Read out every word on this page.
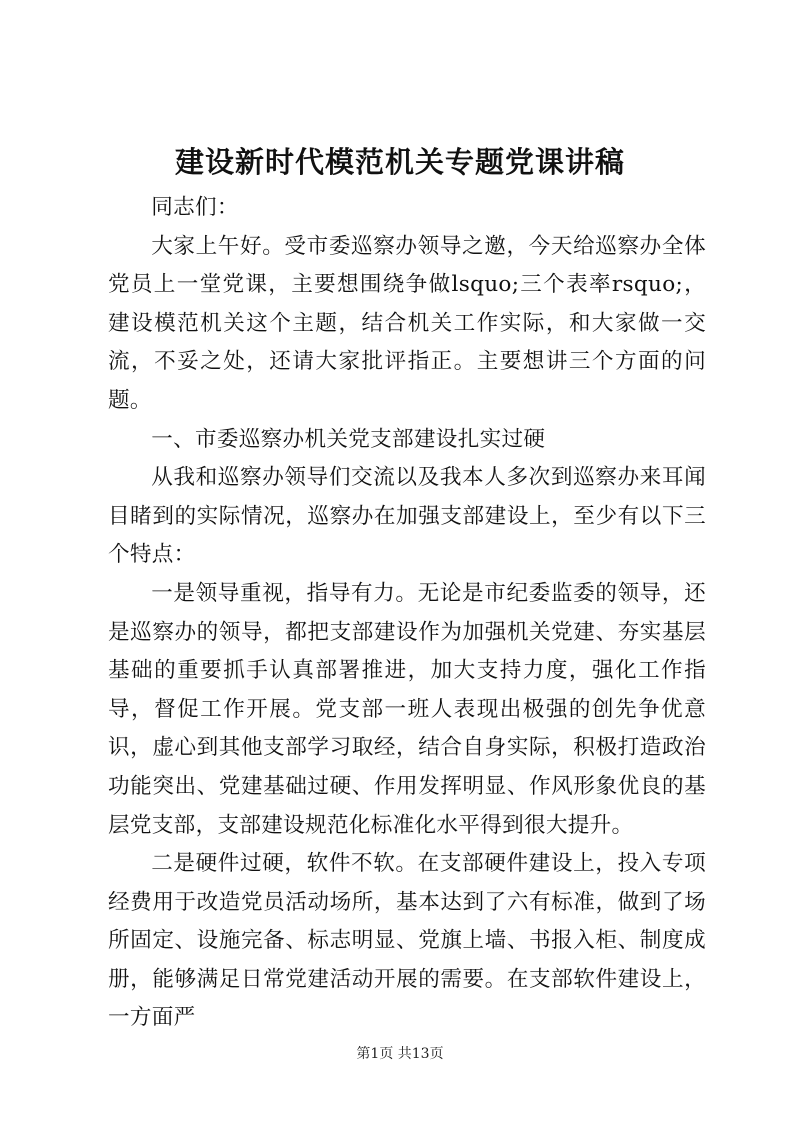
建设新时代模范机关专题党课讲稿

同志们：

大家上午好。受市委巡察办领导之邀，今天给巡察办全体党员上一堂党课，主要想围绕争做lsquo;三个表率rsquo;，建设模范机关这个主题，结合机关工作实际，和大家做一交流，不妥之处，还请大家批评指正。主要想讲三个方面的问题。

一、市委巡察办机关党支部建设扎实过硬

从我和巡察办领导们交流以及我本人多次到巡察办来耳闻目睹到的实际情况，巡察办在加强支部建设上，至少有以下三个特点：

一是领导重视，指导有力。无论是市纪委监委的领导，还是巡察办的领导，都把支部建设作为加强机关党建、夯实基层基础的重要抓手认真部署推进，加大支持力度，强化工作指导，督促工作开展。党支部一班人表现出极强的创先争优意识，虚心到其他支部学习取经，结合自身实际，积极打造政治功能突出、党建基础过硬、作用发挥明显、作风形象优良的基层党支部，支部建设规范化标准化水平得到很大提升。

二是硬件过硬，软件不软。在支部硬件建设上，投入专项经费用于改造党员活动场所，基本达到了六有标准，做到了场所固定、设施完备、标志明显、党旗上墙、书报入柜、制度成册，能够满足日常党建活动开展的需要。在支部软件建设上，一方面严

第1页 共13页
